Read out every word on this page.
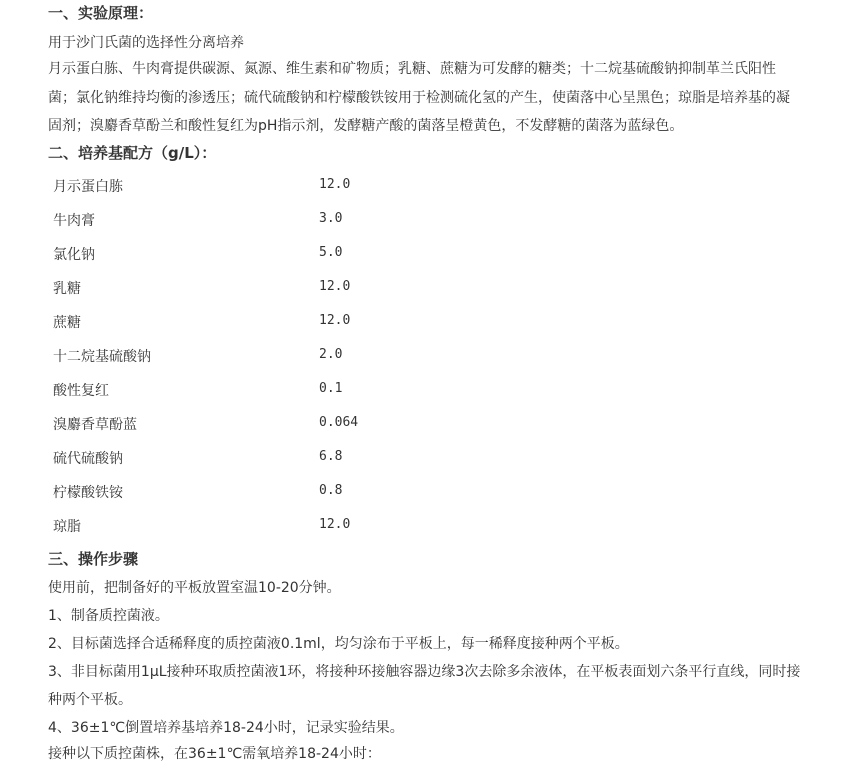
一、实验原理：
用于沙门氏菌的选择性分离培养
月示蛋白胨、牛肉膏提供碳源、氮源、维生素和矿物质；乳糖、蔗糖为可发酵的糖类；十二烷基硫酸钠抑制革兰氏阳性
菌；氯化钠维持均衡的渗透压；硫代硫酸钠和柠檬酸铁铵用于检测硫化氢的产生，使菌落中心呈黑色；琼脂是培养基的凝
固剂；溴麝香草酚兰和酸性复红为pH指示剂，发酵糖产酸的菌落呈橙黄色，不发酵糖的菌落为蓝绿色。
二、培养基配方（g/L）：
月示蛋白胨	12.0
牛肉膏	3.0
氯化钠	5.0
乳糖	12.0
蔗糖	12.0
十二烷基硫酸钠	2.0
酸性复红	0.1
溴麝香草酚蓝	0.064
硫代硫酸钠	6.8
柠檬酸铁铵	0.8
琼脂	12.0
三、操作步骤
使用前，把制备好的平板放置室温10-20分钟。
1、制备质控菌液。
2、目标菌选择合适稀释度的质控菌液0.1ml，均匀涂布于平板上，每一稀释度接种两个平板。
3、非目标菌用1μL接种环取质控菌液1环，将接种环接触容器边缘3次去除多余液体，在平板表面划六条平行直线，同时接
种两个平板。
4、36±1℃倒置培养基培养18-24小时，记录实验结果。
接种以下质控菌株，在36±1℃需氧培养18-24小时：
